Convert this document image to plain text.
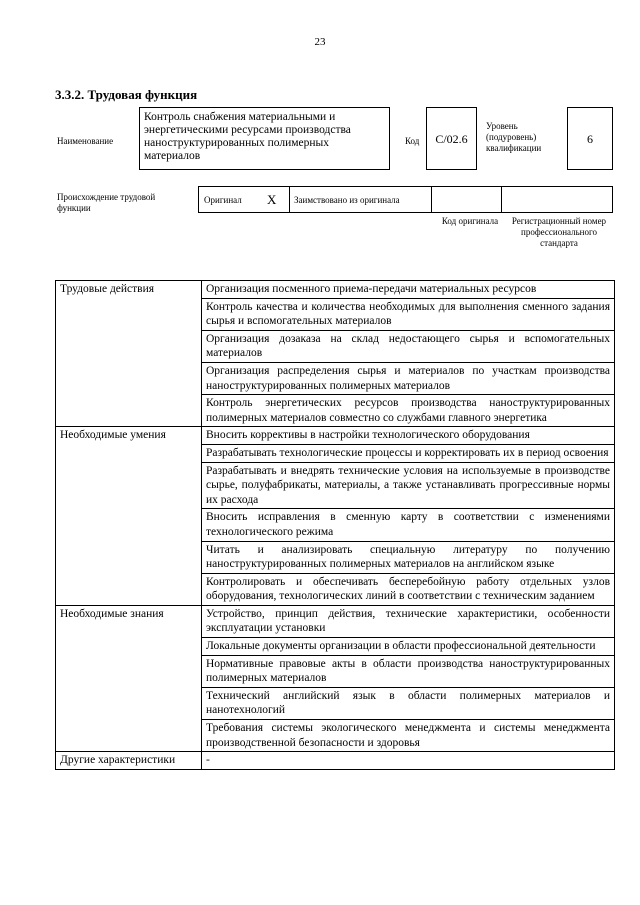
23
3.3.2. Трудовая функция
Наименование
Контроль снабжения материальными и энергетическими ресурсами производства наноструктурированных полимерных материалов
Код	C/02.6
Уровень (подуровень) квалификации
6
Происхождение трудовой функции
Оригинал X Заимствовано из оригинала
Код оригинала	Регистрационный номер профессионального стандарта
Трудовые действия	Организация посменного приема-передачи материальных ресурсов
	Контроль качества и количества необходимых для выполнения сменного задания сырья и вспомогательных материалов
	Организация дозаказа на склад недостающего сырья и вспомогательных материалов
	Организация распределения сырья и материалов по участкам производства наноструктурированных полимерных материалов
	Контроль энергетических ресурсов производства наноструктурированных полимерных материалов совместно со службами главного энергетика
Необходимые умения	Вносить коррективы в настройки технологического оборудования
	Разрабатывать технологические процессы и корректировать их в период освоения
	Разрабатывать и внедрять технические условия на используемые в производстве сырье, полуфабрикаты, материалы, а также устанавливать прогрессивные нормы их расхода
	Вносить исправления в сменную карту в соответствии с изменениями технологического режима
	Читать и анализировать специальную литературу по получению наноструктурированных полимерных материалов на английском языке
	Контролировать и обеспечивать бесперебойную работу отдельных узлов оборудования, технологических линий в соответствии с техническим заданием
Необходимые знания	Устройство, принцип действия, технические характеристики, особенности эксплуатации установки
	Локальные документы организации в области профессиональной деятельности
	Нормативные правовые акты в области производства наноструктурированных полимерных материалов
	Технический английский язык в области полимерных материалов и нанотехнологий
	Требования системы экологического менеджмента и системы менеджмента производственной безопасности и здоровья
Другие характеристики	-
